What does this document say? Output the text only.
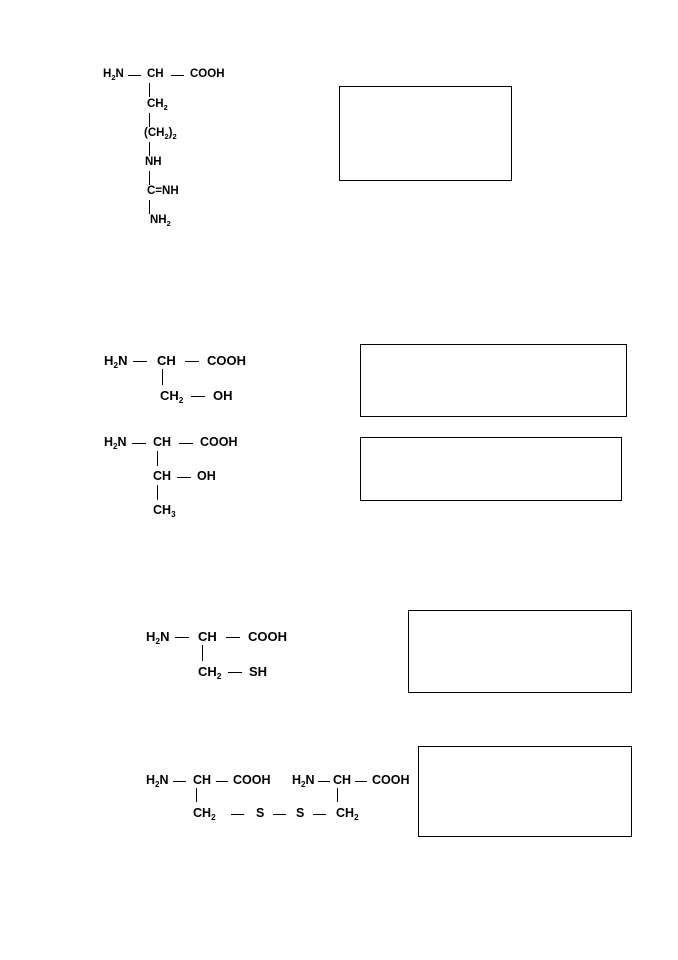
$H_2N$ CH COOH
$CH_2$
$(CH_2)_2$
NH
C=NH
$NH_2$
$H_2N$ CH COOH
$CH_2$ OH
$H_2N$ CH COOH
CH OH
$CH_3$
$H_2N$ CH COOH
$CH_2$ SH
$H_2N$ CH COOH $H_2N$ CH COOH
$CH_2$	S	S	$CH_2$
